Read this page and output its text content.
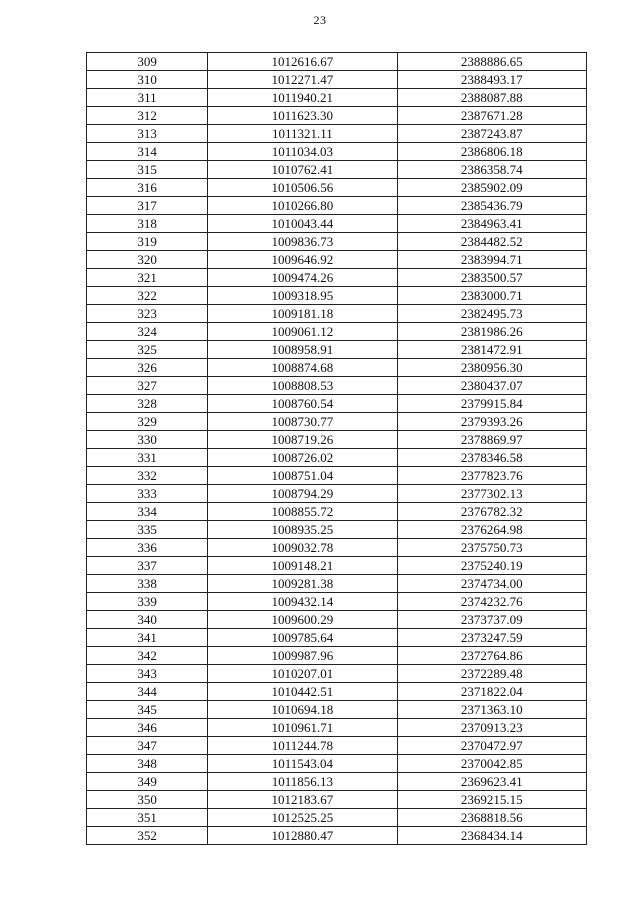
23
309	1012616.67	2388886.65
310	1012271.47	2388493.17
311	1011940.21	2388087.88
312	1011623.30	2387671.28
313	1011321.11	2387243.87
314	1011034.03	2386806.18
315	1010762.41	2386358.74
316	1010506.56	2385902.09
317	1010266.80	2385436.79
318	1010043.44	2384963.41
319	1009836.73	2384482.52
320	1009646.92	2383994.71
321	1009474.26	2383500.57
322	1009318.95	2383000.71
323	1009181.18	2382495.73
324	1009061.12	2381986.26
325	1008958.91	2381472.91
326	1008874.68	2380956.30
327	1008808.53	2380437.07
328	1008760.54	2379915.84
329	1008730.77	2379393.26
330	1008719.26	2378869.97
331	1008726.02	2378346.58
332	1008751.04	2377823.76
333	1008794.29	2377302.13
334	1008855.72	2376782.32
335	1008935.25	2376264.98
336	1009032.78	2375750.73
337	1009148.21	2375240.19
338	1009281.38	2374734.00
339	1009432.14	2374232.76
340	1009600.29	2373737.09
341	1009785.64	2373247.59
342	1009987.96	2372764.86
343	1010207.01	2372289.48
344	1010442.51	2371822.04
345	1010694.18	2371363.10
346	1010961.71	2370913.23
347	1011244.78	2370472.97
348	1011543.04	2370042.85
349	1011856.13	2369623.41
350	1012183.67	2369215.15
351	1012525.25	2368818.56
352	1012880.47	2368434.14
